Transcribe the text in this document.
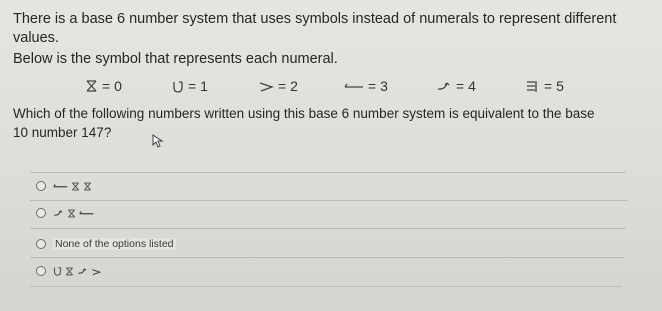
There is a base 6 number system that uses symbols instead of numerals to represent different values.
Below is the symbol that represents each numeral.
= 0	= 1	= 2	= 3	= 4	= 5
Which of the following numbers written using this base 6 number system is equivalent to the base
10 number 147?
None of the options listed
